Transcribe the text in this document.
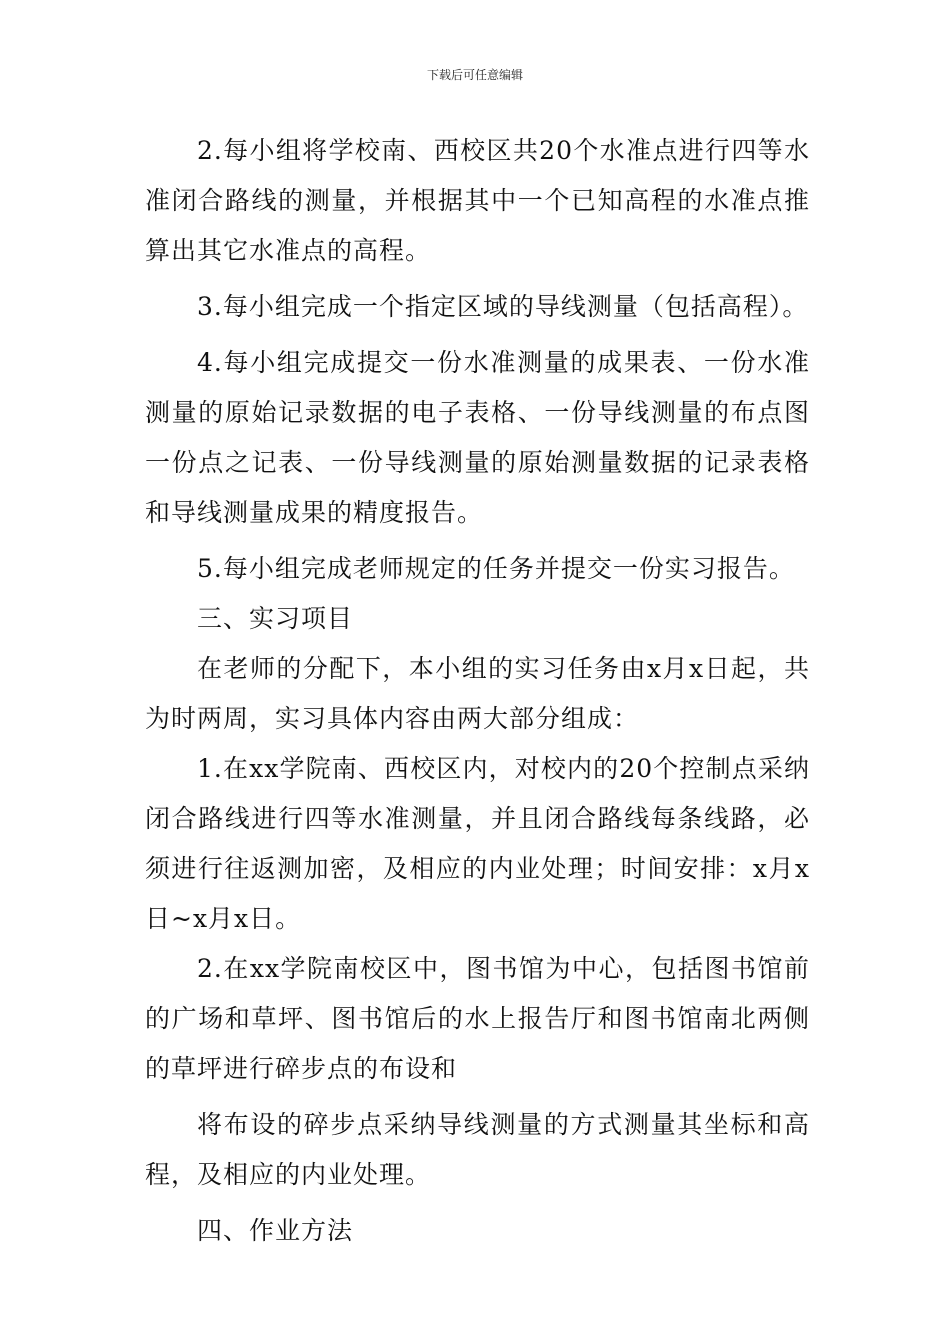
下载后可任意编辑

2.每小组将学校南、西校区共20个水准点进行四等水准闭合路线的测量，并根据其中一个已知高程的水准点推算出其它水准点的高程。

3.每小组完成一个指定区域的导线测量（包括高程）。

4.每小组完成提交一份水准测量的成果表、一份水准测量的原始记录数据的电子表格、一份导线测量的布点图一份点之记表、一份导线测量的原始测量数据的记录表格和导线测量成果的精度报告。

5.每小组完成老师规定的任务并提交一份实习报告。

三、实习项目

在老师的分配下，本小组的实习任务由x月x日起，共为时两周，实习具体内容由两大部分组成：

1.在xx学院南、西校区内，对校内的20个控制点采纳闭合路线进行四等水准测量，并且闭合路线每条线路，必须进行往返测加密，及相应的内业处理；时间安排：x月x日~x月x日。

2.在xx学院南校区中，图书馆为中心，包括图书馆前的广场和草坪、图书馆后的水上报告厅和图书馆南北两侧的草坪进行碎步点的布设和

将布设的碎步点采纳导线测量的方式测量其坐标和高程，及相应的内业处理。

四、作业方法
